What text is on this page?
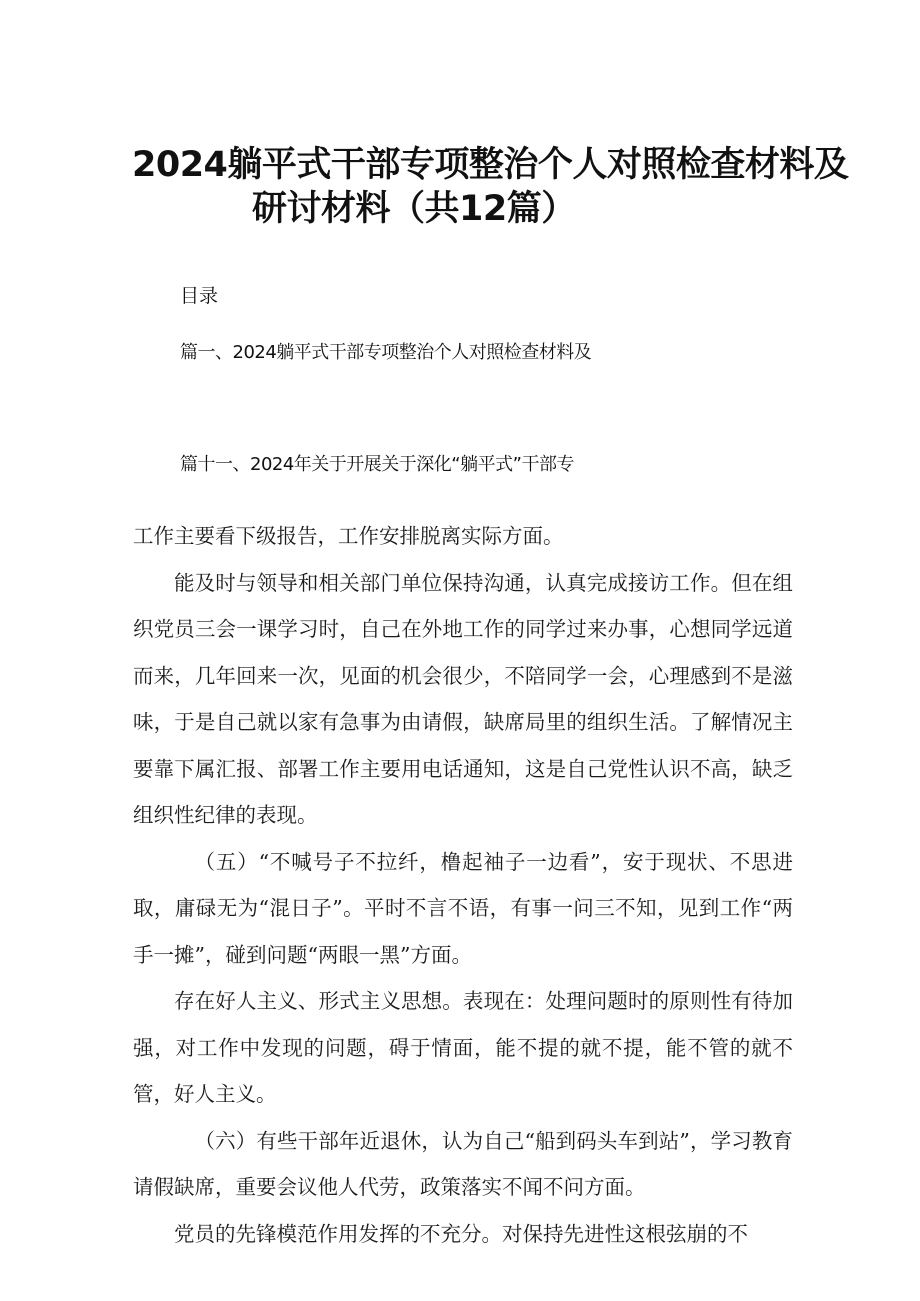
2024躺平式干部专项整治个人对照检查材料及
研讨材料（共12篇）
目录
篇一、2024躺平式干部专项整治个人对照检查材料及
篇十一、2024年关于开展关于深化“躺平式”干部专

工作主要看下级报告，工作安排脱离实际方面。

能及时与领导和相关部门单位保持沟通，认真完成接访工作。但在组织党员三会一课学习时，自己在外地工作的同学过来办事，心想同学远道而来，几年回来一次，见面的机会很少，不陪同学一会，心理感到不是滋味，于是自己就以家有急事为由请假，缺席局里的组织生活。了解情况主要靠下属汇报、部署工作主要用电话通知，这是自己党性认识不高，缺乏组织性纪律的表现。

（五）“不喊号子不拉纤，橹起袖子一边看”，安于现状、不思进取，庸碌无为“混日子”。平时不言不语，有事一问三不知，见到工作“两手一摊”，碰到问题“两眼一黑”方面。

存在好人主义、形式主义思想。表现在：处理问题时的原则性有待加强，对工作中发现的问题，碍于情面，能不提的就不提，能不管的就不管，好人主义。

（六）有些干部年近退休，认为自己“船到码头车到站”，学习教育请假缺席，重要会议他人代劳，政策落实不闻不问方面。

党员的先锋模范作用发挥的不充分。对保持先进性这根弦崩的不
